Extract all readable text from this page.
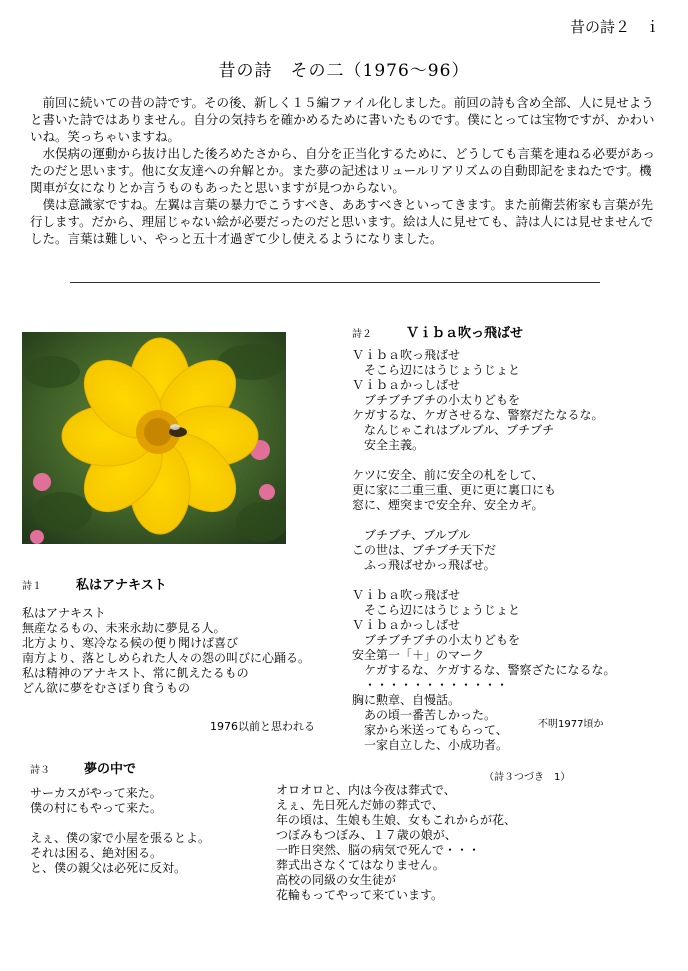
昔の詩２　ｉ
昔の詩　その二（1976～96）

前回に続いての昔の詩です。その後、新しく１５編ファイル化しました。前回の詩も含め全部、人に見せようと書いた詩ではありません。自分の気持ちを確かめるために書いたものです。僕にとっては宝物ですが、かわいいね。笑っちゃいますね。

水俣病の運動から抜け出した後ろめたさから、自分を正当化するために、どうしても言葉を連ねる必要があったのだと思います。他に女友達への弁解とか。また夢の記述はリュールリアリズムの自動即記をまねたです。機関車が女になりとか言うものもあったと思いますが見つからない。

僕は意識家ですね。左翼は言葉の暴力でこうすべき、ああすべきといってきます。また前衛芸術家も言葉が先行します。だから、理屈じゃない絵が必要だったのだと思います。絵は人に見せても、詩は人には見せませんでした。言葉は難しい、やっと五十才過ぎて少し使えるようになりました。

詩１	私はアナキスト
私はアナキスト
無産なるもの、未来永劫に夢見る人。
北方より、寒冷なる候の便り聞けば喜び
南方より、落としめられた人々の怨の叫びに心踊る。
私は精神のアナキスト、常に飢えたるもの
どん欲に夢をむさぼり食うもの
1976以前と思われる
詩２	Ｖｉｂａ吹っ飛ばせ
Ｖｉｂａ吹っ飛ばせ
　そこら辺にはうじょうじょと
Ｖｉｂａかっしばせ
　ブチブチブチの小太りどもを
ケガするな、ケガさせるな、警察だたなるな。
　なんじゃこれはブルブル、ブチブチ
　安全主義。
ケツに安全、前に安全の札をして、
更に家に二重三重、更に更に裏口にも
窓に、煙突まで安全弁、安全カギ。
　ブチブチ、ブルブル
この世は、ブチブチ天下だ
　ふっ飛ばせかっ飛ばせ。
Ｖｉｂａ吹っ飛ばせ
　そこら辺にはうじょうじょと
Ｖｉｂａかっしばせ
　ブチブチブチの小太りどもを
安全第一「＋」のマーク
　ケガするな、ケガするな、警察ざたになるな。
　・・・・・・・・・・・・
胸に勲章、自慢話。
　あの頃一番苦しかった。
　家から米送ってもらって、
　一家自立した、小成功者。
不明1977頃か
詩３	夢の中で
サーカスがやって来た。
僕の村にもやって来た。
えぇ、僕の家で小屋を張るとよ。
それは困る、絶対困る。
と、僕の親父は必死に反対。
（詩３つづき　1）
オロオロと、内は今夜は葬式で、
えぇ、先日死んだ姉の葬式で、
年の頃は、生娘も生娘、女もこれからが花、
つぼみもつぼみ、１７歳の娘が、
一昨日突然、脳の病気で死んで・・・
葬式出さなくてはなりません。
高校の同級の女生徒が
花輪もってやって来ています。
